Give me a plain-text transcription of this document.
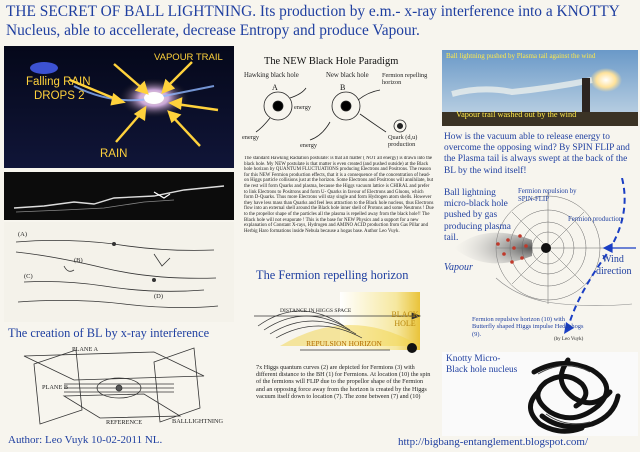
THE SECRET OF BALL LIGHTNING. Its production by e.m.- x-ray interference into a KNOTTY Nucleus, able to accellerate, decrease Entropy and produce Vapour.
VAPOUR TRAIL
Falling RAIN
DROPS 2
RAIN
(A)
(B)
(C)
(D)
The creation of BL by x-ray interference
PLANE A
PLANE B
REFERENCE	BALLLIGHTNING
Author: Leo Vuyk 10-02-2011 NL.
The NEW Black Hole Paradigm
A	B
Hawking black hole	New black hole Fermion repelling horizon
energy
energy
energy
Quark (d,u) production
The standard Hawking Radiation postulate: is that all matter ( NOT all energy) is drawn into the black hole. My NEW postulate is that matter is even created (and pushed outside) at the Black hole horizon by QUANTUM FLUCTUATIONS producing Electrons and Positrons. The reason for this NEW Fermion production effects, that it is a consequence of the concentration of head-on Higgs particle collisions just at the horizon. Some Electrons and Positrons will annihilate, but the rest will form Quarks and plasma, because the Higgs vacuum lattice is CHIRAL and prefer to link Electrons to Positrons and form U- Quarks in favour of Electrons and Gluons, which form D-Quarks. Thus more Electrons will stay single and form Hydrogen atom shells. However they have less mass than Quarks and feel less attraction to the Black hole nucleus, thus Electrons flow into an external shell around the Black hole inner shell of Protons and some Neutrons ! Due to the propellor shape of the particles all the plasma is repelled away from the black hole!! The Black hole will not evaporate ! This is the base for NEW Physics and a support for a new explanation of Constant X-rays, Hydrogen and AMINO ACID production from Gas Pillar and Herbig Haro formations inside Nebula because a hogas base. Author Leo Vuyk.
The Fermion repelling horizon
DISTANCE IN HIGGS SPACE	BLACK HOLE
REPULSION HORIZON
7x Higgs quantum curves (2) are depicted for Fermions (3) with different distance to the BH (1) for Fermions. At location (10) the spin of the fermions will FLIP due to the propellor shape of the Fermion and an opposing force away from the horizon is created by the Higgs vacuum itself down to location (7). The zone between (7) and (10)
Ball lightning pushed by Plasma tail against the wind
Vapour trail washed out by the wind
How is the vacuum able to release energy to overcome the opposing wind? By SPIN FLIP and the Plasma tail is always swept at the back of the BL by the wind itself!
Ball lightning micro-black hole pushed by gas producing plasma tail.
Fermion repulsion by SPIN-FLIP
Fermion production
Vapour
Wind
direction
Fermion repulsive horizon (10) with Butterfly shaped Higgs impulse Hedgehogs (9).
(by Leo Vuyk)
Knotty Micro-Black hole nucleus
http://bigbang-entanglement.blogspot.com/
